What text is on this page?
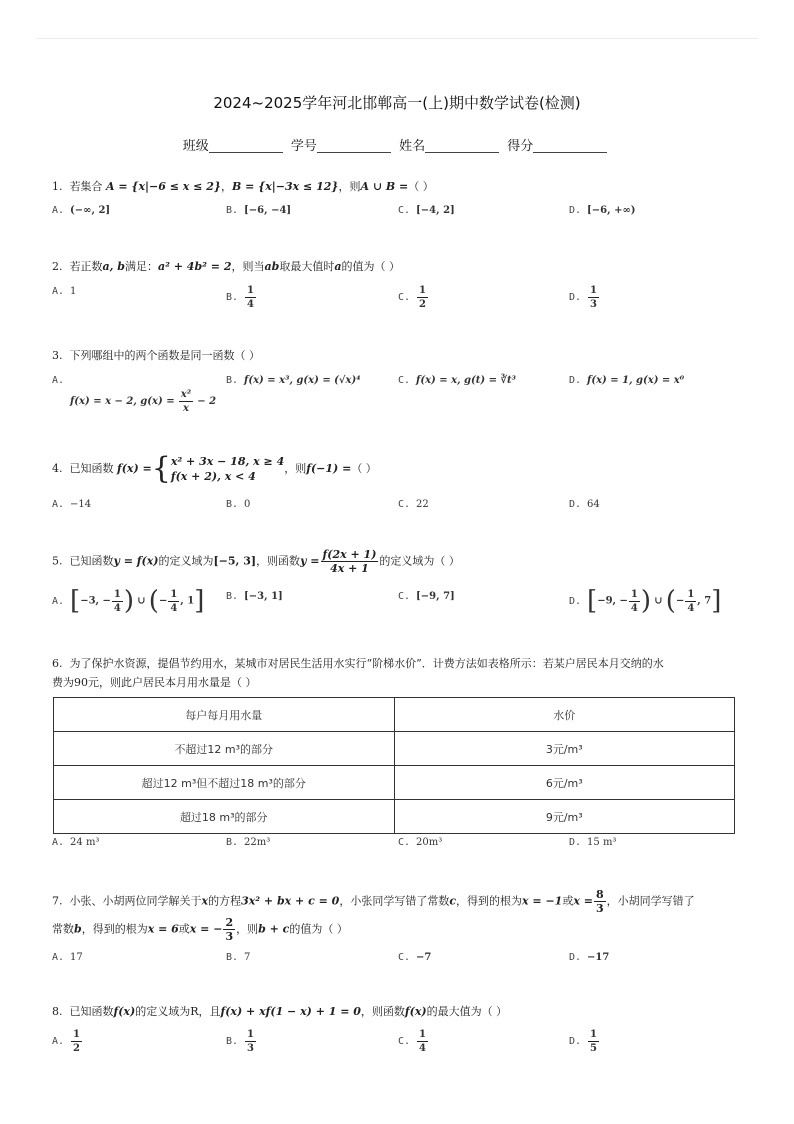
2024~2025学年河北邯郸高一(上)期中数学试卷(检测)
班级	学号	姓名	得分
1. 若集合 A = {x|−6 ≤ x ≤ 2}，B = {x|−3x ≤ 12}，则A ∪ B =（ ）
A. (−∞, 2]	B. [−6, −4]	C. [−4, 2]	D. [−6, +∞)
2. 若正数a, b满足：a² + 4b² = 2，则当ab取最大值时a的值为（ ）
A. 1
B. $\frac{1}{4}$	C. $\frac{1}{2}$	D. $\frac{1}{3}$
3. 下列哪组中的两个函数是同一函数（ ）
A.
f(x) = x − 2, $g(x) = \frac{\text{x²}}{x} - 2$
B. f(x) = x³, g(x) = (√x)⁴	C. f(x) = x, g(t) = ∛t³	D. f(x) = 1, g(x) = x⁰
4. 已知函数 f(x) ={ x² + 3x − 18, x ≥ 4
f(x + 2), x < 4
，则f(−1) =（ ）
A. −14	B. 0	C. 22	D. 64
5. 已知函数y = f(x)的定义域为[−5, 3]，则函数$y = \frac{f(2x + 1)}{4x + 1}$ 的定义域为（ ）
A. [−3, − $\frac{1}{4}$ ) ∪ (− $\frac{1}{4}$ , 1] B. [−3, 1]	C. [−9, 7]	D. [−9, − $\frac{1}{4}$ ) ∪ (− $\frac{1}{4}$ , 7]
6. 为了保护水资源，提倡节约用水，某城市对居民生活用水实行“阶梯水价”．计费方法如表格所示：若某户居民本月交纳的水
费为90元，则此户居民本月用水量是（ ）
每户每月用水量	水价
不超过12 m³的部分	3元/m³
超过12 m³但不超过18 m³的部分	6元/m³
超过18 m³的部分	9元/m³
A. 24 m³	B. 22m³	C. 20m³	D. 15 m³
7. 小张、小胡两位同学解关于x的方程3x² + bx + c = 0，小张同学写错了常数c，得到的根为x = −1或$x = \frac{8}{3}$ ，小胡同学写错了
常数b，得到的根为x = 6或x = − $\frac{2}{3}$ ，则b + c的值为（ ）
A. 17	B. 7	C. −7	D. −17
8. 已知函数f(x)的定义域为R，且f(x) + xf(1 − x) + 1 = 0，则函数f(x)的最大值为（ ）
A. $\frac{1}{2}$	B. $\frac{1}{3}$	C. $\frac{1}{4}$	D. $\frac{1}{5}$
